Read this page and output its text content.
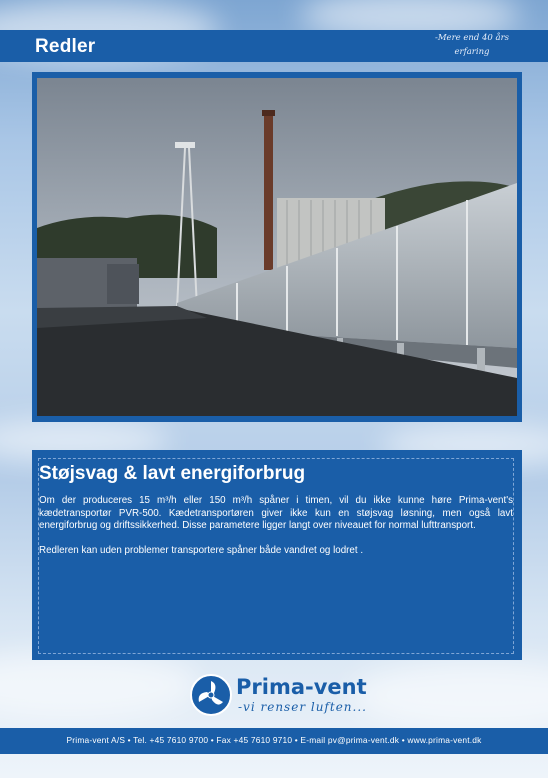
Redler	-Mere end 40 års
erfaring
Støjsvag & lavt energiforbrug

Om der produceres 15 m³/h eller 150 m³/h spåner i timen, vil du ikke kunne høre Prima-vent's kædetransportør PVR-500. Kædetransportøren giver ikke kun en støjsvag løsning, men også lavt energiforbrug og driftssikkerhed. Disse parametere ligger langt over niveauet for normal lufttransport.

Redleren kan uden problemer transportere spåner både vandret og lodret .

Prima-vent
-vi renser luften...
Prima-vent A/S • Tel. +45 7610 9700 • Fax +45 7610 9710 • E-mail pv@prima-vent.dk • www.prima-vent.dk
